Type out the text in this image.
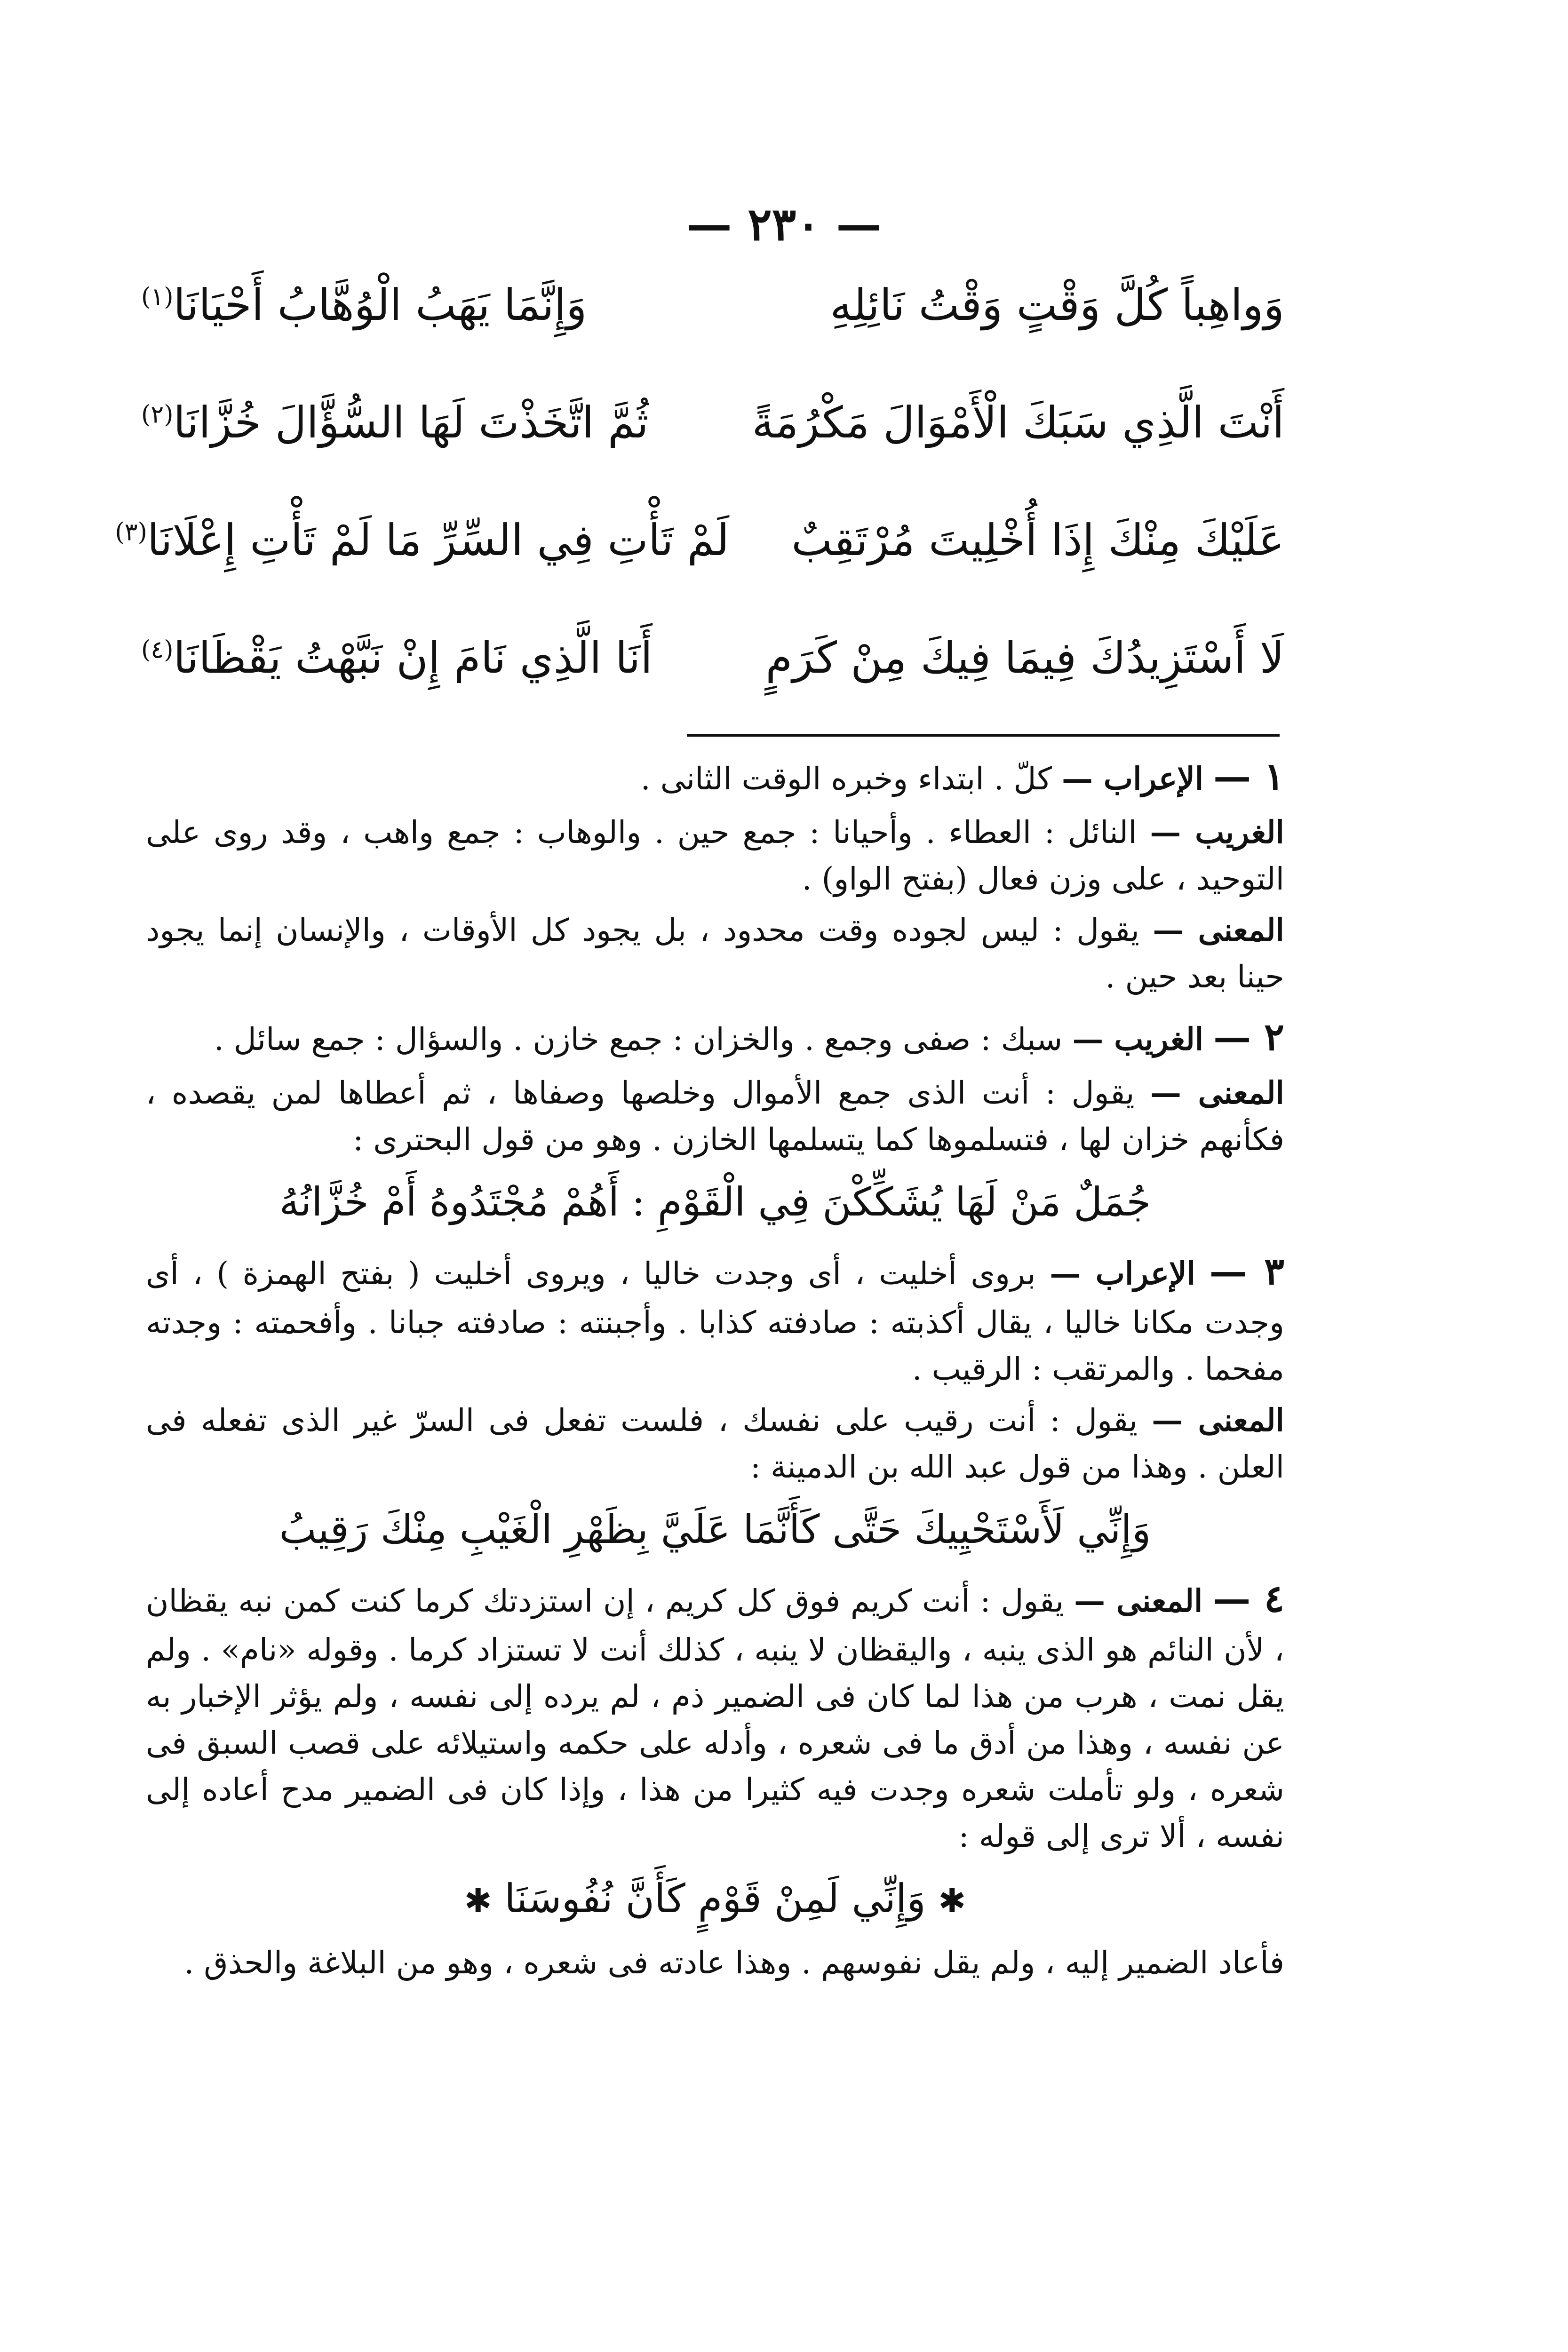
— ٢٣٠ —
وَواهِباً كُلَّ وَقْتٍ وَقْتُ نَائِلِهِ
وَإِنَّمَا يَهَبُ الْوُهَّابُ أَحْيَانَا$^{(١)}$
أَنْتَ الَّذِي سَبَكَ الْأَمْوَالَ مَكْرُمَةً
ثُمَّ اتَّخَذْتَ لَهَا السُّؤَّالَ خُزَّانَا$^{(٢)}$
عَلَيْكَ مِنْكَ إِذَا أُخْلِيتَ مُرْتَقِبٌ
لَمْ تَأْتِ فِي السِّرِّ مَا لَمْ تَأْتِ إِعْلَانَا$^{(٣)}$
لَا أَسْتَزِيدُكَ فِيمَا فِيكَ مِنْ كَرَمٍ
أَنَا الَّذِي نَامَ إِنْ نَبَّهْتُ يَقْظَانَا$^{(٤)}$

١ — الإعراب — كلّ . ابتداء وخبره الوقت الثانى .

الغريب — النائل : العطاء . وأحيانا : جمع حين . والوهاب : جمع واهب ، وقد روى على التوحيد ، على وزن فعال (بفتح الواو) .

المعنى — يقول : ليس لجوده وقت محدود ، بل يجود كل الأوقات ، والإنسان إنما يجود حينا بعد حين .

٢ — الغريب — سبك : صفى وجمع . والخزان : جمع خازن . والسؤال : جمع سائل .

المعنى — يقول : أنت الذى جمع الأموال وخلصها وصفاها ، ثم أعطاها لمن يقصده ، فكأنهم خزان لها ، فتسلموها كما يتسلمها الخازن . وهو من قول البحترى :

جُمَلٌ مَنْ لَهَا يُشَكِّكْنَ فِي الْقَوْمِ : أَهُمْ مُجْتَدُوهُ أَمْ خُزَّانُهُ

٣ — الإعراب — بروى أخليت ، أى وجدت خاليا ، ويروى أخليت ( بفتح الهمزة ) ، أى وجدت مكانا خاليا ، يقال أكذبته : صادفته كذابا . وأجبنته : صادفته جبانا . وأفحمته : وجدته مفحما . والمرتقب : الرقيب .

المعنى — يقول : أنت رقيب على نفسك ، فلست تفعل فى السرّ غير الذى تفعله فى العلن . وهذا من قول عبد الله بن الدمينة :

وَإِنِّي لَأَسْتَحْيِيكَ حَتَّى كَأَنَّمَا عَلَيَّ بِظَهْرِ الْغَيْبِ مِنْكَ رَقِيبُ

٤ — المعنى — يقول : أنت كريم فوق كل كريم ، إن استزدتك كرما كنت كمن نبه يقظان ، لأن النائم هو الذى ينبه ، واليقظان لا ينبه ، كذلك أنت لا تستزاد كرما . وقوله «نام» . ولم يقل نمت ، هرب من هذا لما كان فى الضمير ذم ، لم يرده إلى نفسه ، ولم يؤثر الإخبار به عن نفسه ، وهذا من أدق ما فى شعره ، وأدله على حكمه واستيلائه على قصب السبق فى شعره ، ولو تأملت شعره وجدت فيه كثيرا من هذا ، وإذا كان فى الضمير مدح أعاده إلى نفسه ، ألا ترى إلى قوله :

✱ وَإِنِّي لَمِنْ قَوْمٍ كَأَنَّ نُفُوسَنَا ✱

فأعاد الضمير إليه ، ولم يقل نفوسهم . وهذا عادته فى شعره ، وهو من البلاغة والحذق .
